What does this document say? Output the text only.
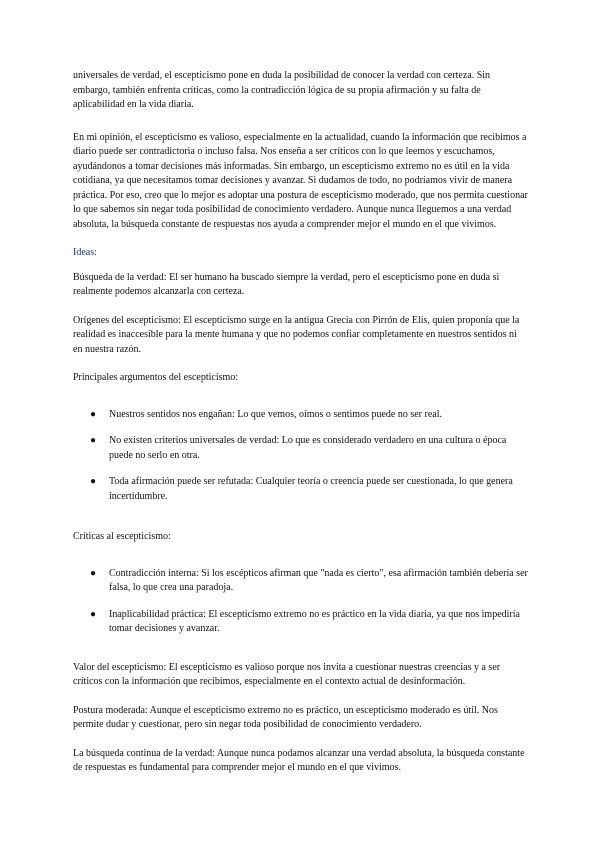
universales de verdad, el escepticismo pone en duda la posibilidad de conocer la verdad con certeza. Sin embargo, también enfrenta críticas, como la contradicción lógica de su propia afirmación y su falta de aplicabilidad en la vida diaria.

En mi opinión, el escepticismo es valioso, especialmente en la actualidad, cuando la información que recibimos a diario puede ser contradictoria o incluso falsa. Nos enseña a ser críticos con lo que leemos y escuchamos, ayudándonos a tomar decisiones más informadas. Sin embargo, un escepticismo extremo no es útil en la vida cotidiana, ya que necesitamos tomar decisiones y avanzar. Si dudamos de todo, no podríamos vivir de manera práctica. Por eso, creo que lo mejor es adoptar una postura de escepticismo moderado, que nos permita cuestionar lo que sabemos sin negar toda posibilidad de conocimiento verdadero. Aunque nunca lleguemos a una verdad absoluta, la búsqueda constante de respuestas nos ayuda a comprender mejor el mundo en el que vivimos.

Ideas:

Búsqueda de la verdad: El ser humano ha buscado siempre la verdad, pero el escepticismo pone en duda si realmente podemos alcanzarla con certeza.

Orígenes del escepticismo: El escepticismo surge en la antigua Grecia con Pirrón de Elis, quien proponía que la realidad es inaccesible para la mente humana y que no podemos confiar completamente en nuestros sentidos ni en nuestra razón.

Principales argumentos del escepticismo:

● Nuestros sentidos nos engañan: Lo que vemos, oímos o sentimos puede no ser real.
● No existen criterios universales de verdad: Lo que es considerado verdadero en una cultura o época puede no serlo en otra.
● Toda afirmación puede ser refutada: Cualquier teoría o creencia puede ser cuestionada, lo que genera incertidumbre.

Críticas al escepticismo:

● Contradicción interna: Si los escépticos afirman que "nada es cierto", esa afirmación también debería ser falsa, lo que crea una paradoja.
● Inaplicabilidad práctica: El escepticismo extremo no es práctico en la vida diaria, ya que nos impediría tomar decisiones y avanzar.

Valor del escepticismo: El escepticismo es valioso porque nos invita a cuestionar nuestras creencias y a ser críticos con la información que recibimos, especialmente en el contexto actual de desinformación.

Postura moderada: Aunque el escepticismo extremo no es práctico, un escepticismo moderado es útil. Nos permite dudar y cuestionar, pero sin negar toda posibilidad de conocimiento verdadero.

La búsqueda continua de la verdad: Aunque nunca podamos alcanzar una verdad absoluta, la búsqueda constante de respuestas es fundamental para comprender mejor el mundo en el que vivimos.
